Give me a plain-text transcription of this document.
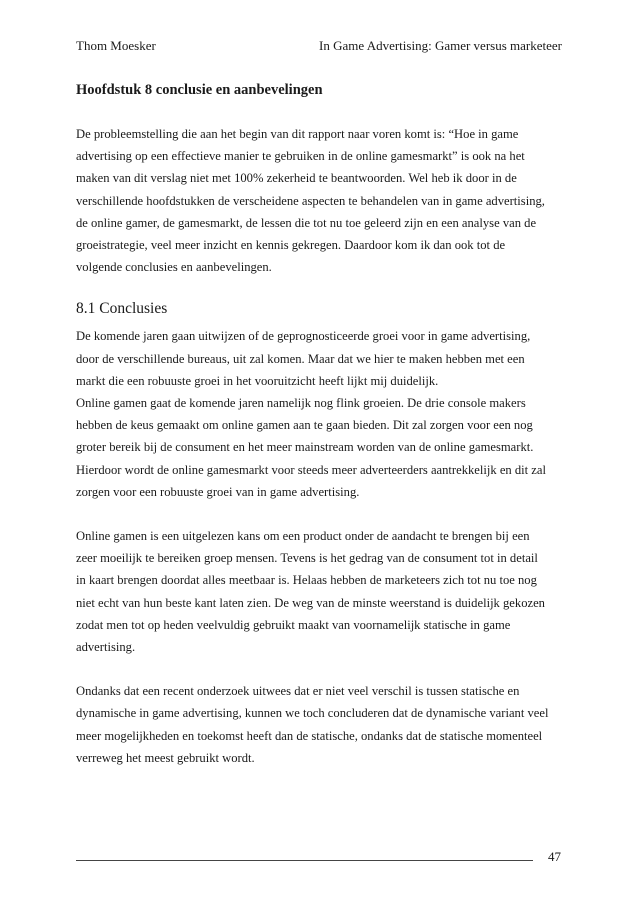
Thom Moesker	In Game Advertising: Gamer versus marketeer
Hoofdstuk 8 conclusie en aanbevelingen

De probleemstelling die aan het begin van dit rapport naar voren komt is: “Hoe in game
advertising op een effectieve manier te gebruiken in de online gamesmarkt” is ook na het
maken van dit verslag niet met 100% zekerheid te beantwoorden. Wel heb ik door in de
verschillende hoofdstukken de verscheidene aspecten te behandelen van in game advertising,
de online gamer, de gamesmarkt, de lessen die tot nu toe geleerd zijn en een analyse van de
groeistrategie, veel meer inzicht en kennis gekregen. Daardoor kom ik dan ook tot de
volgende conclusies en aanbevelingen.

8.1 Conclusies

De komende jaren gaan uitwijzen of de geprognosticeerde groei voor in game advertising,
door de verschillende bureaus, uit zal komen. Maar dat we hier te maken hebben met een
markt die een robuuste groei in het vooruitzicht heeft lijkt mij duidelijk.
Online gamen gaat de komende jaren namelijk nog flink groeien. De drie console makers
hebben de keus gemaakt om online gamen aan te gaan bieden. Dit zal zorgen voor een nog
groter bereik bij de consument en het meer mainstream worden van de online gamesmarkt.
Hierdoor wordt de online gamesmarkt voor steeds meer adverteerders aantrekkelijk en dit zal
zorgen voor een robuuste groei van in game advertising.

Online gamen is een uitgelezen kans om een product onder de aandacht te brengen bij een
zeer moeilijk te bereiken groep mensen. Tevens is het gedrag van de consument tot in detail
in kaart brengen doordat alles meetbaar is. Helaas hebben de marketeers zich tot nu toe nog
niet echt van hun beste kant laten zien. De weg van de minste weerstand is duidelijk gekozen
zodat men tot op heden veelvuldig gebruikt maakt van voornamelijk statische in game
advertising.

Ondanks dat een recent onderzoek uitwees dat er niet veel verschil is tussen statische en
dynamische in game advertising, kunnen we toch concluderen dat de dynamische variant veel
meer mogelijkheden en toekomst heeft dan de statische, ondanks dat de statische momenteel
verreweg het meest gebruikt wordt.

47
